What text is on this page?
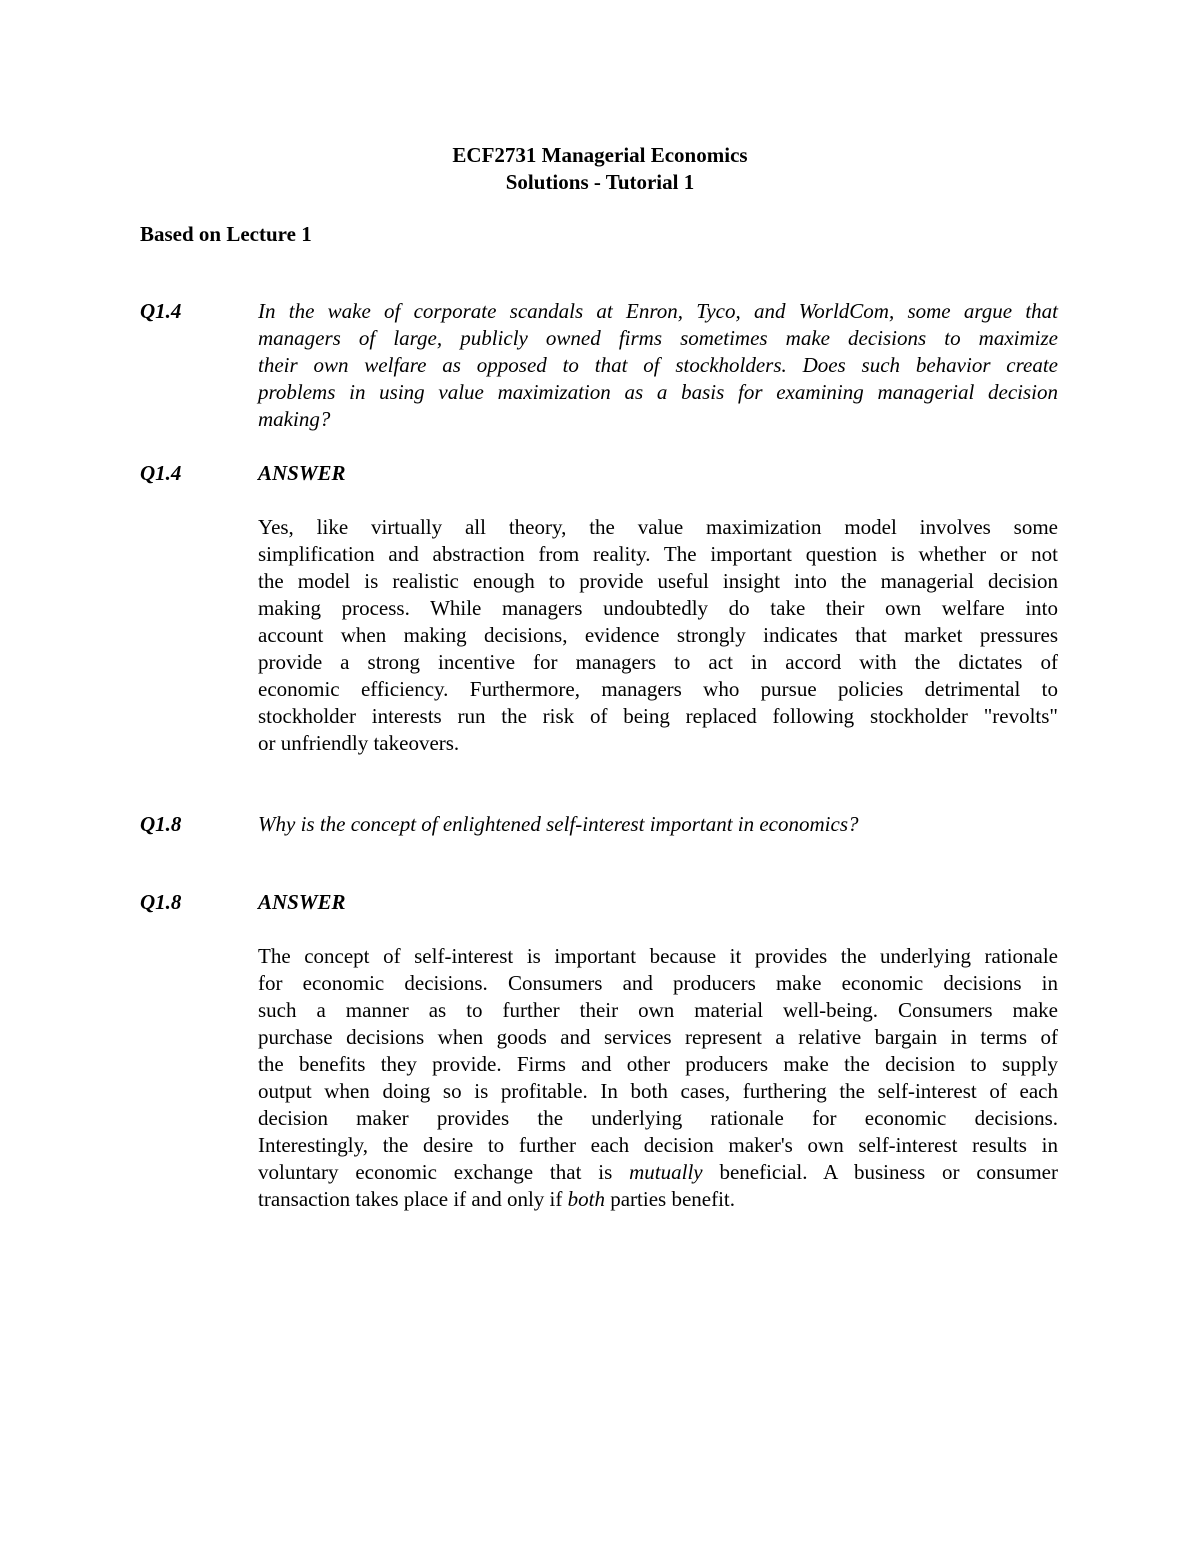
ECF2731 Managerial Economics
Solutions - Tutorial 1
Based on Lecture 1
Q1.4	In the wake of corporate scandals at Enron, Tyco, and WorldCom, some argue that
managers of large, publicly owned firms sometimes make decisions to maximize
their own welfare as opposed to that of stockholders. Does such behavior create
problems in using value maximization as a basis for examining managerial decision
making?
Q1.4	ANSWER
Yes, like virtually all theory, the value maximization model involves some
simplification and abstraction from reality. The important question is whether or not
the model is realistic enough to provide useful insight into the managerial decision
making process. While managers undoubtedly do take their own welfare into
account when making decisions, evidence strongly indicates that market pressures
provide a strong incentive for managers to act in accord with the dictates of
economic efficiency. Furthermore, managers who pursue policies detrimental to
stockholder interests run the risk of being replaced following stockholder "revolts"
or unfriendly takeovers.
Q1.8	Why is the concept of enlightened self-interest important in economics?
Q1.8	ANSWER
The concept of self-interest is important because it provides the underlying rationale
for economic decisions. Consumers and producers make economic decisions in
such a manner as to further their own material well-being. Consumers make
purchase decisions when goods and services represent a relative bargain in terms of
the benefits they provide. Firms and other producers make the decision to supply
output when doing so is profitable. In both cases, furthering the self-interest of each
decision maker provides the underlying rationale for economic decisions.
Interestingly, the desire to further each decision maker's own self-interest results in
voluntary economic exchange that is mutually beneficial. A business or consumer
transaction takes place if and only if both parties benefit.
